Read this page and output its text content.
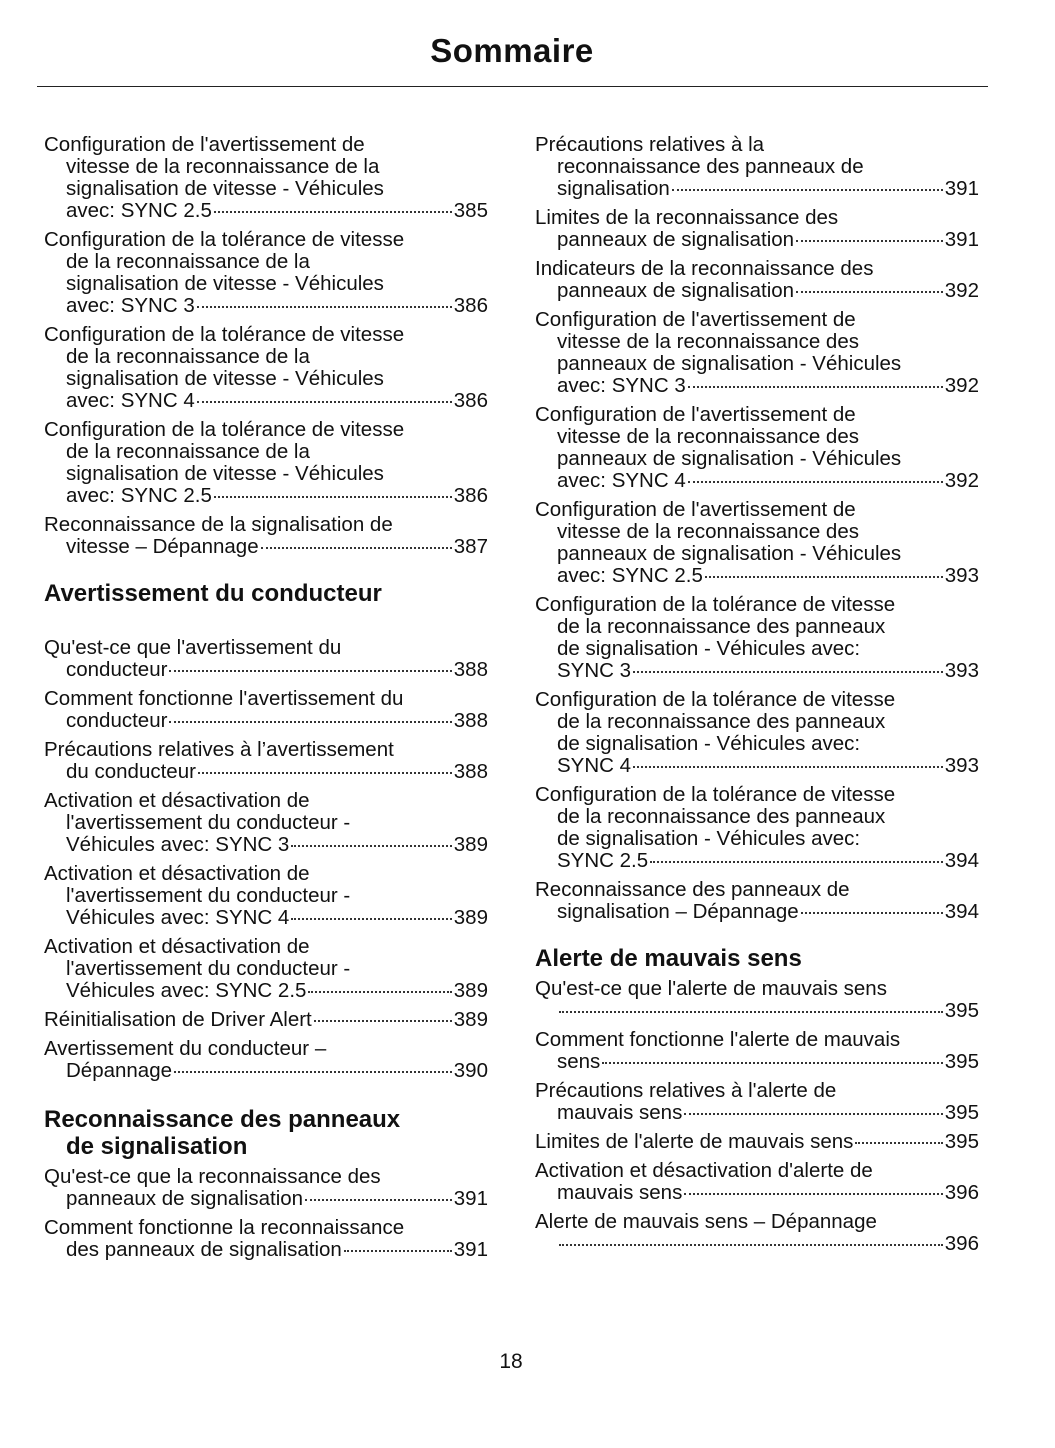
Sommaire
Configuration de l'avertissement de
vitesse de la reconnaissance de la
signalisation de vitesse - Véhicules
avec: SYNC 2.5	385
Configuration de la tolérance de vitesse
de la reconnaissance de la
signalisation de vitesse - Véhicules
avec: SYNC 3	386
Configuration de la tolérance de vitesse
de la reconnaissance de la
signalisation de vitesse - Véhicules
avec: SYNC 4	386
Configuration de la tolérance de vitesse
de la reconnaissance de la
signalisation de vitesse - Véhicules
avec: SYNC 2.5	386
Reconnaissance de la signalisation de
vitesse – Dépannage	387
Avertissement du conducteur
Qu'est-ce que l'avertissement du
conducteur	388
Comment fonctionne l'avertissement du
conducteur	388
Précautions relatives à l’avertissement
du conducteur	388
Activation et désactivation de
l'avertissement du conducteur -
Véhicules avec: SYNC 3	389
Activation et désactivation de
l'avertissement du conducteur -
Véhicules avec: SYNC 4	389
Activation et désactivation de
l'avertissement du conducteur -
Véhicules avec: SYNC 2.5	389
Réinitialisation de Driver Alert	389
Avertissement du conducteur –
Dépannage	390
Reconnaissance des panneaux
de signalisation
Qu'est-ce que la reconnaissance des
panneaux de signalisation	391
Comment fonctionne la reconnaissance
des panneaux de signalisation	391
Précautions relatives à la
reconnaissance des panneaux de
signalisation	391
Limites de la reconnaissance des
panneaux de signalisation	391
Indicateurs de la reconnaissance des
panneaux de signalisation	392
Configuration de l'avertissement de
vitesse de la reconnaissance des
panneaux de signalisation - Véhicules
avec: SYNC 3	392
Configuration de l'avertissement de
vitesse de la reconnaissance des
panneaux de signalisation - Véhicules
avec: SYNC 4	392
Configuration de l'avertissement de
vitesse de la reconnaissance des
panneaux de signalisation - Véhicules
avec: SYNC 2.5	393
Configuration de la tolérance de vitesse
de la reconnaissance des panneaux
de signalisation - Véhicules avec:
SYNC 3	393
Configuration de la tolérance de vitesse
de la reconnaissance des panneaux
de signalisation - Véhicules avec:
SYNC 4	393
Configuration de la tolérance de vitesse
de la reconnaissance des panneaux
de signalisation - Véhicules avec:
SYNC 2.5	394
Reconnaissance des panneaux de
signalisation – Dépannage	394
Alerte de mauvais sens
Qu'est-ce que l'alerte de mauvais sens
395
Comment fonctionne l'alerte de mauvais
sens	395
Précautions relatives à l'alerte de
mauvais sens	395
Limites de l'alerte de mauvais sens	395
Activation et désactivation d'alerte de
mauvais sens	396
Alerte de mauvais sens – Dépannage
396
18
